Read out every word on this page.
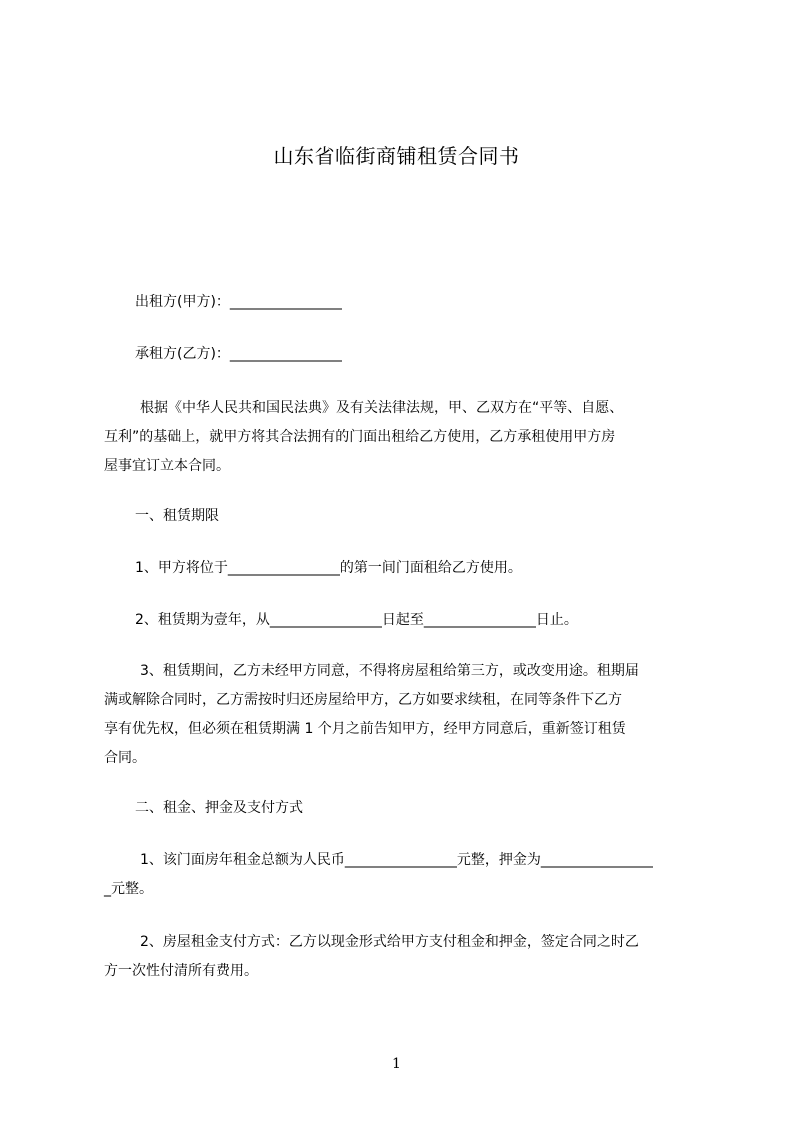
山东省临街商铺租赁合同书
出租方(甲方)：________________
承租方(乙方)：________________
根据《中华人民共和国民法典》及有关法律法规，甲、乙双方在“平等、自愿、
互利”的基础上，就甲方将其合法拥有的门面出租给乙方使用，乙方承租使用甲方房
屋事宜订立本合同。
一、租赁期限
1、甲方将位于________________的第一间门面租给乙方使用。
2、租赁期为壹年，从________________日起至________________日止。
3、租赁期间，乙方未经甲方同意，不得将房屋租给第三方，或改变用途。租期届
满或解除合同时，乙方需按时归还房屋给甲方，乙方如要求续租，在同等条件下乙方
享有优先权，但必须在租赁期满 1 个月之前告知甲方，经甲方同意后，重新签订租赁
合同。
二、租金、押金及支付方式
1、该门面房年租金总额为人民币________________元整，押金为________________
_元整。
2、房屋租金支付方式：乙方以现金形式给甲方支付租金和押金，签定合同之时乙
方一次性付清所有费用。
1
